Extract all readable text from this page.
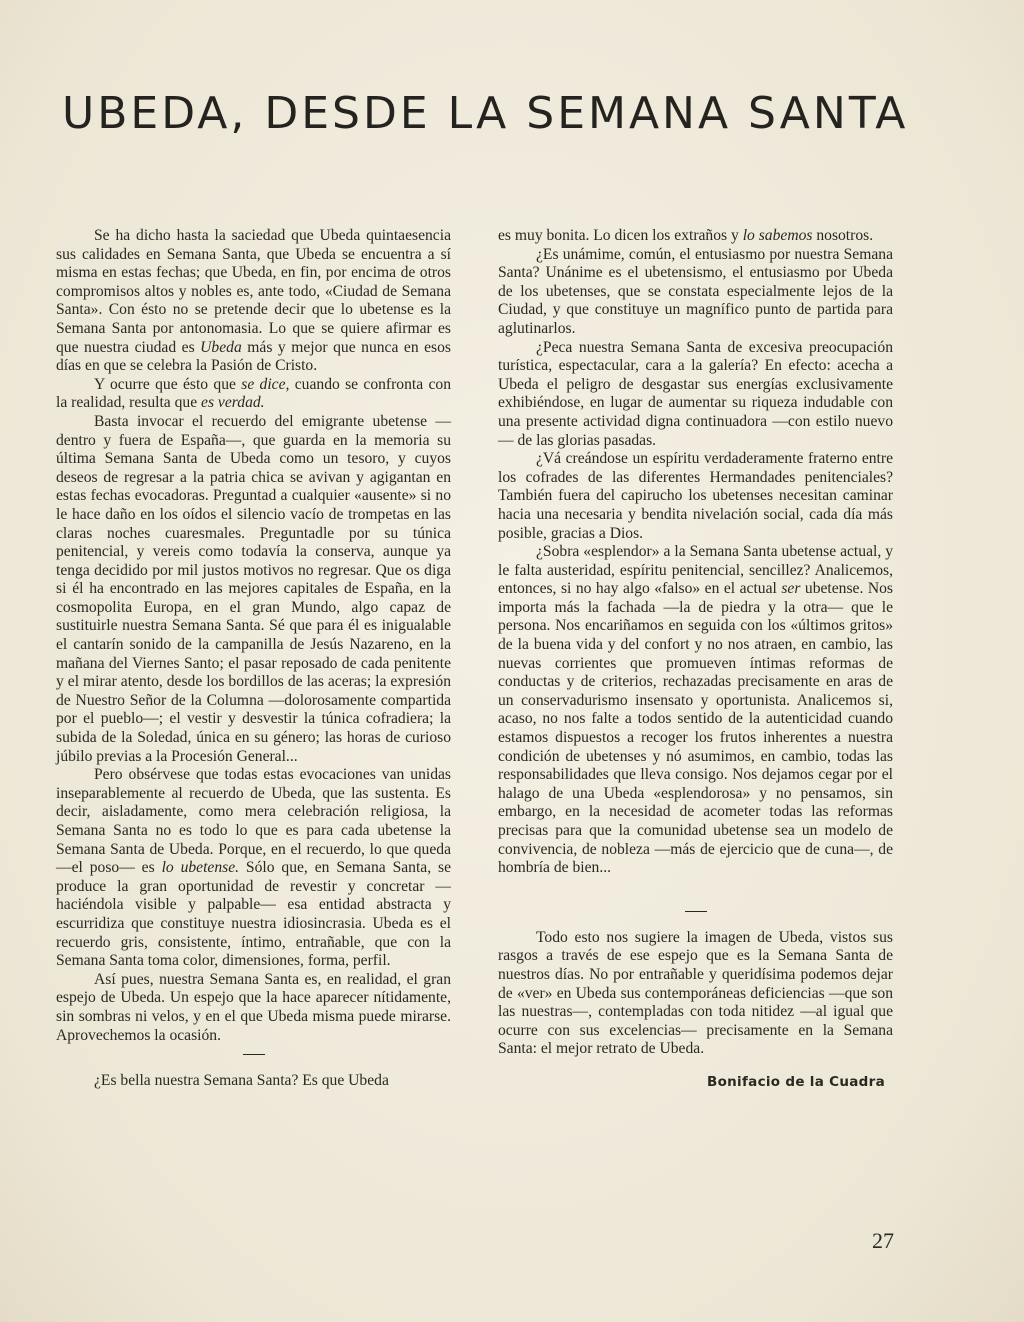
UBEDA, DESDE LA SEMANA SANTA

Se ha dicho hasta la saciedad que Ubeda quintaesencia sus calidades en Semana Santa, que Ubeda se encuentra a sí misma en estas fechas; que Ubeda, en fin, por encima de otros compromisos altos y nobles es, ante todo, «Ciudad de Semana Santa». Con ésto no se pretende decir que lo ubetense es la Semana Santa por antonomasia. Lo que se quiere afirmar es que nuestra ciudad es Ubeda más y mejor que nunca en esos días en que se celebra la Pasión de Cristo.

Y ocurre que ésto que se dice, cuando se confronta con la realidad, resulta que es verdad.

Basta invocar el recuerdo del emigrante ubetense —dentro y fuera de España—, que guarda en la memoria su última Semana Santa de Ubeda como un tesoro, y cuyos deseos de regresar a la patria chica se avivan y agigantan en estas fechas evocadoras. Preguntad a cualquier «ausente» si no le hace daño en los oídos el silencio vacío de trompetas en las claras noches cuaresmales. Preguntadle por su túnica penitencial, y vereis como todavía la conserva, aunque ya tenga decidido por mil justos motivos no regresar. Que os diga si él ha encontrado en las mejores capitales de España, en la cosmopolita Europa, en el gran Mundo, algo capaz de sustituirle nuestra Semana Santa. Sé que para él es inigualable el cantarín sonido de la campanilla de Jesús Nazareno, en la mañana del Viernes Santo; el pasar reposado de cada penitente y el mirar atento, desde los bordillos de las aceras; la expresión de Nuestro Señor de la Columna —dolorosamente compartida por el pueblo—; el vestir y desvestir la túnica cofradiera; la subida de la Soledad, única en su género; las horas de curioso júbilo previas a la Procesión General...

Pero obsérvese que todas estas evocaciones van unidas inseparablemente al recuerdo de Ubeda, que las sustenta. Es decir, aisladamente, como mera celebración religiosa, la Semana Santa no es todo lo que es para cada ubetense la Semana Santa de Ubeda. Porque, en el recuerdo, lo que queda —el poso— es lo ubetense. Sólo que, en Semana Santa, se produce la gran oportunidad de revestir y concretar —haciéndola visible y palpable— esa entidad abstracta y escurridiza que constituye nuestra idiosincrasia. Ubeda es el recuerdo gris, consistente, íntimo, entrañable, que con la Semana Santa toma color, dimensiones, forma, perfil.

Así pues, nuestra Semana Santa es, en realidad, el gran espejo de Ubeda. Un espejo que la hace aparecer nítidamente, sin sombras ni velos, y en el que Ubeda misma puede mirarse. Aprovechemos la ocasión.

¿Es bella nuestra Semana Santa? Es que Ubeda

es muy bonita. Lo dicen los extraños y lo sabemos nosotros.

¿Es unámime, común, el entusiasmo por nuestra Semana Santa? Unánime es el ubetensismo, el entusiasmo por Ubeda de los ubetenses, que se constata especialmente lejos de la Ciudad, y que constituye un magnífico punto de partida para aglutinarlos.

¿Peca nuestra Semana Santa de excesiva preocupación turística, espectacular, cara a la galería? En efecto: acecha a Ubeda el peligro de desgastar sus energías exclusivamente exhibiéndose, en lugar de aumentar su riqueza indudable con una presente actividad digna continuadora —con estilo nuevo— de las glorias pasadas.

¿Vá creándose un espíritu verdaderamente fraterno entre los cofrades de las diferentes Hermandades penitenciales? También fuera del capirucho los ubetenses necesitan caminar hacia una necesaria y bendita nivelación social, cada día más posible, gracias a Dios.

¿Sobra «esplendor» a la Semana Santa ubetense actual, y le falta austeridad, espíritu penitencial, sencillez? Analicemos, entonces, si no hay algo «falso» en el actual ser ubetense. Nos importa más la fachada —la de piedra y la otra— que le persona. Nos encariñamos en seguida con los «últimos gritos» de la buena vida y del confort y no nos atraen, en cambio, las nuevas corrientes que promueven íntimas reformas de conductas y de criterios, rechazadas precisamente en aras de un conservadurismo insensato y oportunista. Analicemos si, acaso, no nos falte a todos sentido de la autenticidad cuando estamos dispuestos a recoger los frutos inherentes a nuestra condición de ubetenses y nó asumimos, en cambio, todas las responsabilidades que lleva consigo. Nos dejamos cegar por el halago de una Ubeda «esplendorosa» y no pensamos, sin embargo, en la necesidad de acometer todas las reformas precisas para que la comunidad ubetense sea un modelo de convivencia, de nobleza —más de ejercicio que de cuna—, de hombría de bien...

Todo esto nos sugiere la imagen de Ubeda, vistos sus rasgos a través de ese espejo que es la Semana Santa de nuestros días. No por entrañable y queridísima podemos dejar de «ver» en Ubeda sus contemporáneas deficiencias —que son las nuestras—, contempladas con toda nitidez —al igual que ocurre con sus excelencias— precisamente en la Semana Santa: el mejor retrato de Ubeda.

Bonifacio de la Cuadra
27
